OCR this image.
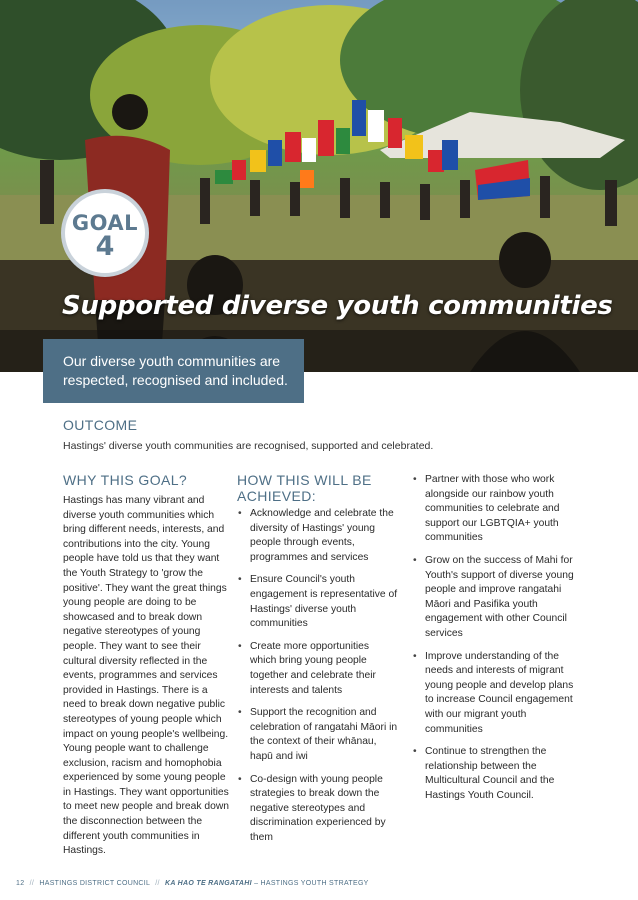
GOAL
4
Supported diverse youth communities
Our diverse youth communities are respected, recognised and included.
OUTCOME

Hastings' diverse youth communities are recognised, supported and celebrated.

WHY THIS GOAL?

Hastings has many vibrant and diverse youth communities which bring different needs, interests, and contributions into the city. Young people have told us that they want the Youth Strategy to 'grow the positive'. They want the great things young people are doing to be showcased and to break down negative stereotypes of young people. They want to see their cultural diversity reflected in the events, programmes and services provided in Hastings. There is a need to break down negative public stereotypes of young people which impact on young people's wellbeing. Young people want to challenge exclusion, racism and homophobia experienced by some young people in Hastings. They want opportunities to meet new people and break down the disconnection between the different youth communities in Hastings.

HOW THIS WILL BE ACHIEVED:
• Acknowledge and celebrate the diversity of Hastings' young people through events, programmes and services
• Ensure Council's youth engagement is representative of Hastings' diverse youth communities
• Create more opportunities which bring young people together and celebrate their interests and talents
• Support the recognition and celebration of rangatahi Māori in the context of their whānau, hapū and iwi
• Co-design with young people strategies to break down the negative stereotypes and discrimination experienced by them
• Partner with those who work alongside our rainbow youth communities to celebrate and support our LGBTQIA+ youth communities
• Grow on the success of Mahi for Youth's support of diverse young people and improve rangatahi Māori and Pasifika youth engagement with other Council services
• Improve understanding of the needs and interests of migrant young people and develop plans to increase Council engagement with our migrant youth communities
• Continue to strengthen the relationship between the Multicultural Council and the Hastings Youth Council.
12 // HASTINGS DISTRICT COUNCIL // KA HAO TE RANGATAHI – HASTINGS YOUTH STRATEGY
